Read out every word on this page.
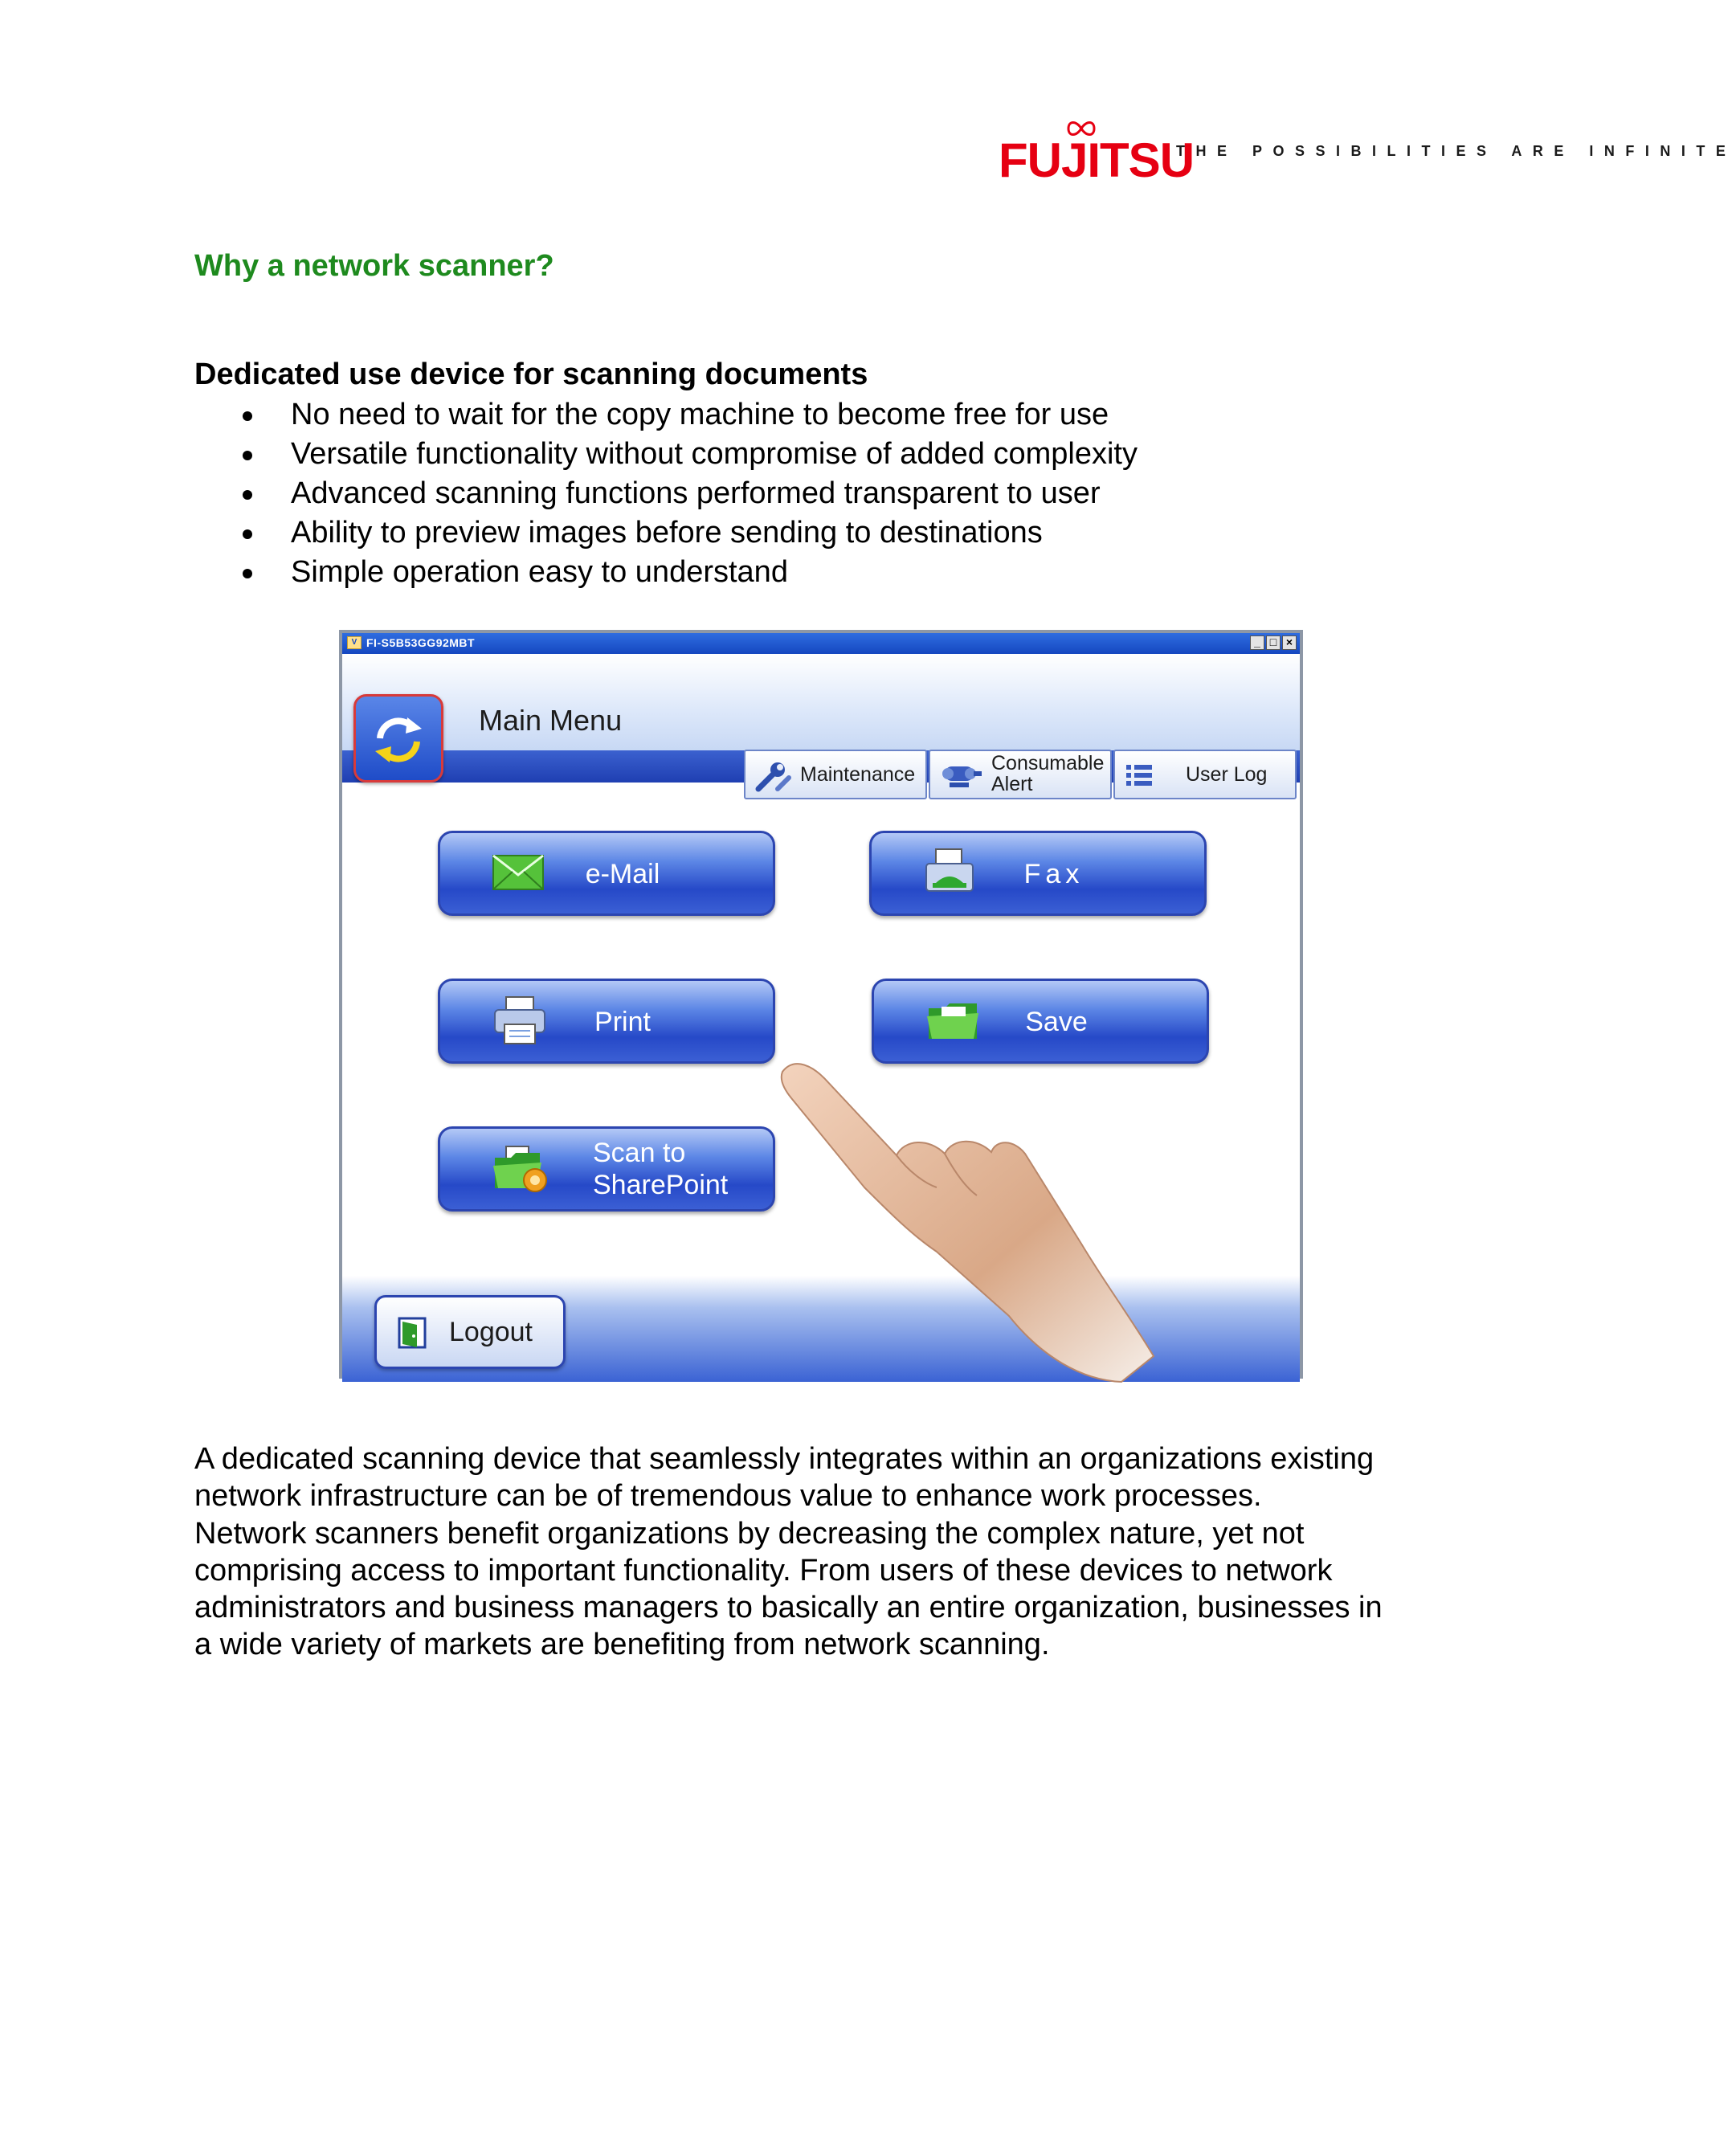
FUJITSU
THE POSSIBILITIES ARE INFINITE
Why a network scanner?
Dedicated use device for scanning documents
No need to wait for the copy machine to become free for use
Versatile functionality without compromise of added complexity
Advanced scanning functions performed transparent to user
Ability to preview images before sending to destinations
Simple operation easy to understand
V FI-S5B53GG92MBT	_ □ ×
Main Menu
Maintenance	Consumable
Alert	User Log
e-Mail	Fax
Print	Save
Scan to
SharePoint
Logout
A dedicated scanning device that seamlessly integrates within an organizations existing
network infrastructure can be of tremendous value to enhance work processes.
Network scanners benefit organizations by decreasing the complex nature, yet not
comprising access to important functionality. From users of these devices to network
administrators and business managers to basically an entire organization, businesses in
a wide variety of markets are benefiting from network scanning.
